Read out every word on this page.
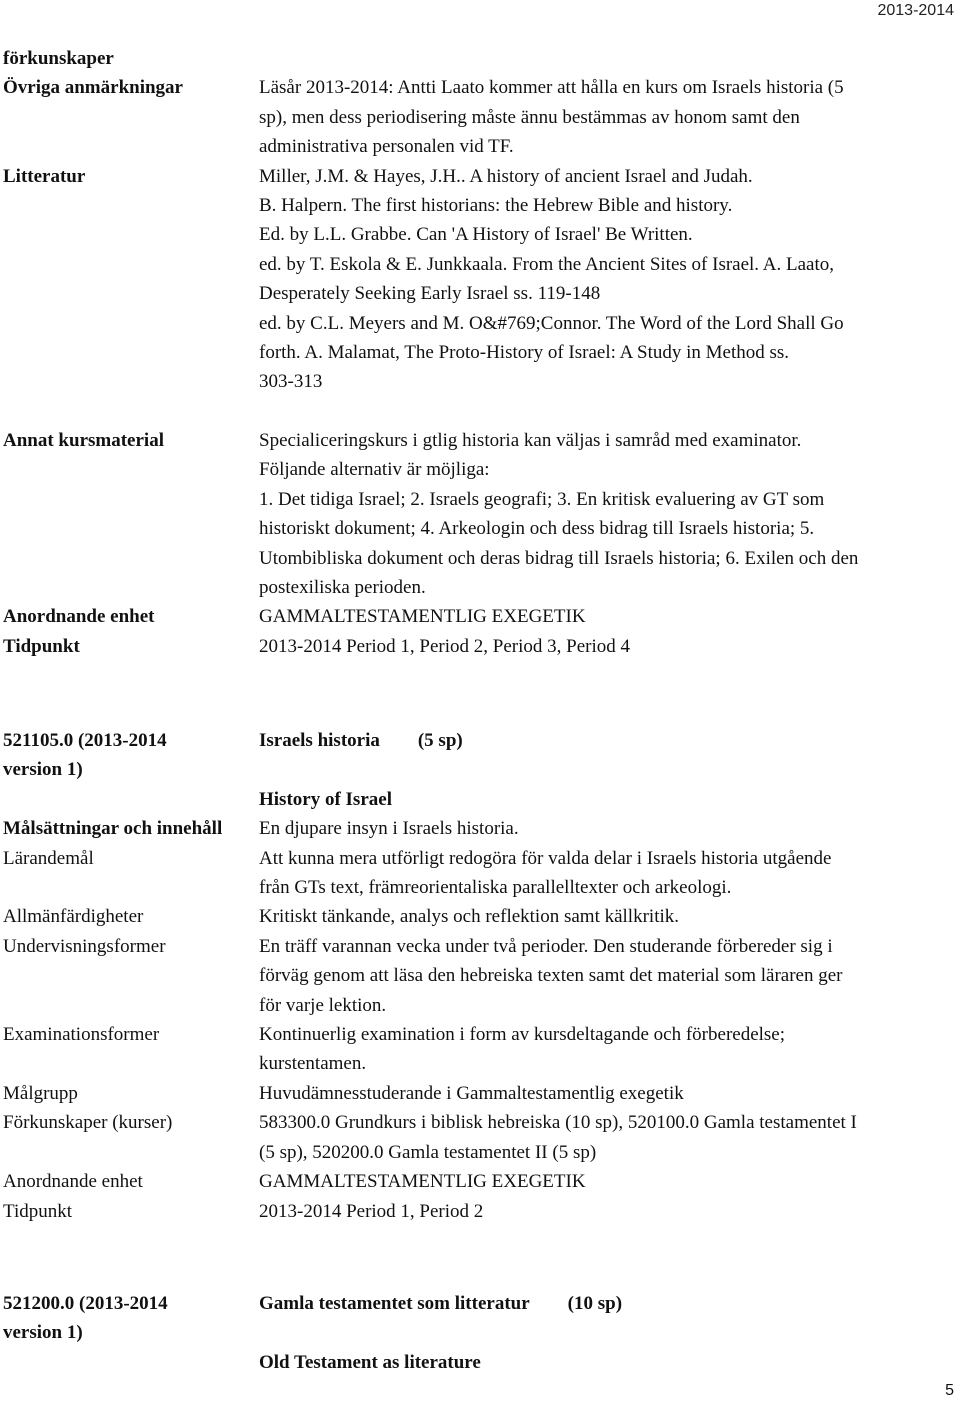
2013-2014
förkunskaper
Övriga anmärkningar	Läsår 2013-2014: Antti Laato kommer att hålla en kurs om Israels historia (5
sp), men dess periodisering måste ännu bestämmas av honom samt den
administrativa personalen vid TF.
Litteratur	Miller, J.M. & Hayes, J.H.. A history of ancient Israel and Judah.
B. Halpern. The first historians: the Hebrew Bible and history.
Ed. by L.L. Grabbe. Can 'A History of Israel' Be Written.
ed. by T. Eskola & E. Junkkaala. From the Ancient Sites of Israel. A. Laato,
Desperately Seeking Early Israel ss. 119-148
ed. by C.L. Meyers and M. O&#769;Connor. The Word of the Lord Shall Go
forth. A. Malamat, The Proto-History of Israel: A Study in Method ss.
303-313
Annat kursmaterial	Specialiceringskurs i gtlig historia kan väljas i samråd med examinator.
Följande alternativ är möjliga:
1. Det tidiga Israel; 2. Israels geografi; 3. En kritisk evaluering av GT som
historiskt dokument; 4. Arkeologin och dess bidrag till Israels historia; 5.
Utombibliska dokument och deras bidrag till Israels historia; 6. Exilen och den
postexiliska perioden.
Anordnande enhet	GAMMALTESTAMENTLIG EXEGETIK
Tidpunkt	2013-2014 Period 1, Period 2, Period 3, Period 4
521105.0 (2013-2014
version 1)
Israels historia (5 sp)
History of Israel
Målsättningar och innehåll	En djupare insyn i Israels historia.
Lärandemål	Att kunna mera utförligt redogöra för valda delar i Israels historia utgående
från GTs text, främreorientaliska parallelltexter och arkeologi.
Allmänfärdigheter	Kritiskt tänkande, analys och reflektion samt källkritik.
Undervisningsformer	En träff varannan vecka under två perioder. Den studerande förbereder sig i
förväg genom att läsa den hebreiska texten samt det material som läraren ger
för varje lektion.
Examinationsformer	Kontinuerlig examination i form av kursdeltagande och förberedelse;
kurstentamen.
Målgrupp	Huvudämnesstuderande i Gammaltestamentlig exegetik
Förkunskaper (kurser)	583300.0 Grundkurs i biblisk hebreiska (10 sp), 520100.0 Gamla testamentet I
(5 sp), 520200.0 Gamla testamentet II (5 sp)
Anordnande enhet	GAMMALTESTAMENTLIG EXEGETIK
Tidpunkt	2013-2014 Period 1, Period 2
521200.0 (2013-2014
version 1)
Gamla testamentet som litteratur (10 sp)
Old Testament as literature
5
